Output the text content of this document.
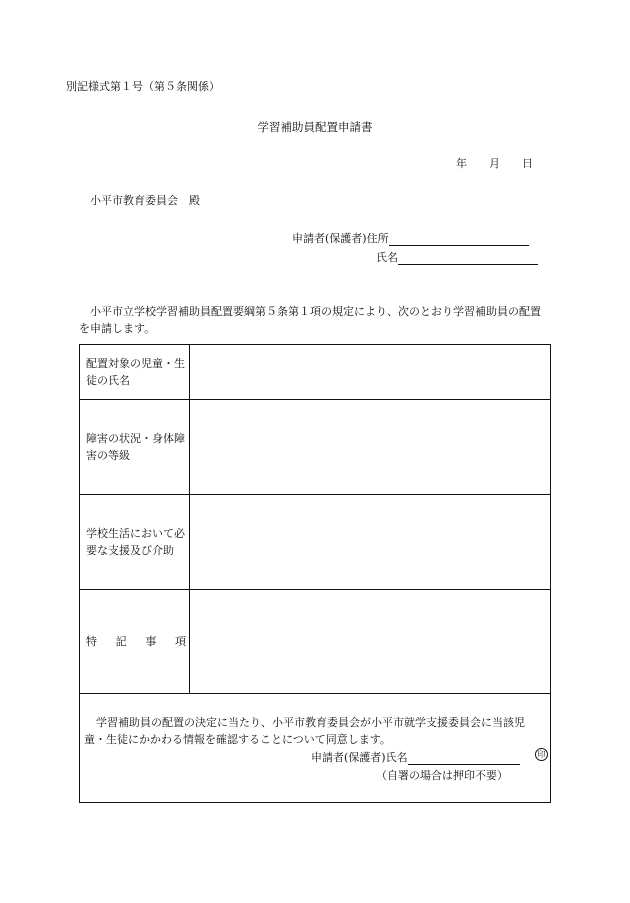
別記様式第１号（第５条関係）
学習補助員配置申請書
年 月 日
小平市教育委員会　殿
申請者(保護者)住所
氏名
小平市立学校学習補助員配置要綱第５条第１項の規定により、次のとおり学習補助員の配置を申請します。
配置対象の児童・生徒の氏名
障害の状況・身体障害の等級
学校生活において必要な支援及び介助
特 記 事 項
学習補助員の配置の決定に当たり、小平市教育委員会が小平市就学支援委員会に当該児童・生徒にかかわる情報を確認することについて同意します。
申請者(保護者)氏名	印
（自署の場合は押印不要）
